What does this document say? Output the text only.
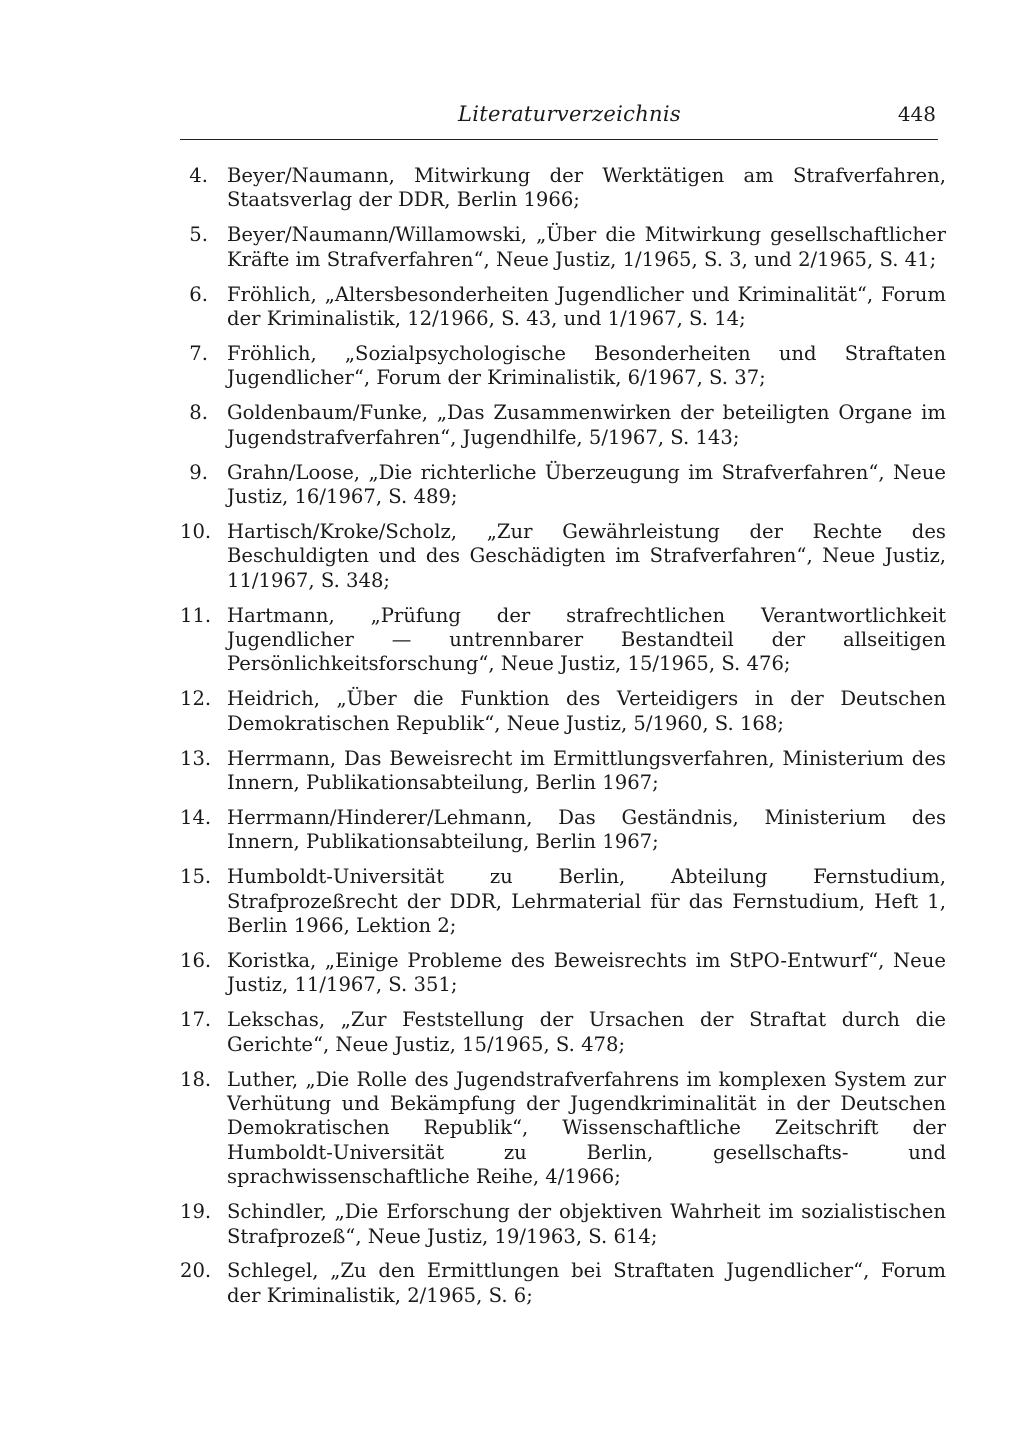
Literaturverzeichnis	448
4. Beyer/Naumann, Mitwirkung der Werktätigen am Strafverfahren, Staatsverlag der DDR, Berlin 1966;
5. Beyer/Naumann/Willamowski, „Über die Mitwirkung gesellschaftlicher Kräfte im Strafverfahren“, Neue Justiz, 1/1965, S. 3, und 2/1965, S. 41;
6. Fröhlich, „Altersbesonderheiten Jugendlicher und Kriminalität“, Forum der Kriminalistik, 12/1966, S. 43, und 1/1967, S. 14;
7. Fröhlich, „Sozialpsychologische Besonderheiten und Straftaten Jugendlicher“, Forum der Kriminalistik, 6/1967, S. 37;
8. Goldenbaum/Funke, „Das Zusammenwirken der beteiligten Organe im Jugendstrafverfahren“, Jugendhilfe, 5/1967, S. 143;
9. Grahn/Loose, „Die richterliche Überzeugung im Strafverfahren“, Neue Justiz, 16/1967, S. 489;
10. Hartisch/Kroke/Scholz, „Zur Gewährleistung der Rechte des Beschuldigten und des Geschädigten im Strafverfahren“, Neue Justiz, 11/1967, S. 348;
11. Hartmann, „Prüfung der strafrechtlichen Verantwortlichkeit Jugendlicher — untrennbarer Bestandteil der allseitigen Persönlichkeitsforschung“, Neue Justiz, 15/1965, S. 476;
12. Heidrich, „Über die Funktion des Verteidigers in der Deutschen Demokratischen Republik“, Neue Justiz, 5/1960, S. 168;
13. Herrmann, Das Beweisrecht im Ermittlungsverfahren, Ministerium des Innern, Publikationsabteilung, Berlin 1967;
14. Herrmann/Hinderer/Lehmann, Das Geständnis, Ministerium des Innern, Publikationsabteilung, Berlin 1967;
15. Humboldt-Universität zu Berlin, Abteilung Fernstudium, Strafprozeßrecht der DDR, Lehrmaterial für das Fernstudium, Heft 1, Berlin 1966, Lektion 2;
16. Koristka, „Einige Probleme des Beweisrechts im StPO-Entwurf“, Neue Justiz, 11/1967, S. 351;
17. Lekschas, „Zur Feststellung der Ursachen der Straftat durch die Gerichte“, Neue Justiz, 15/1965, S. 478;
18. Luther, „Die Rolle des Jugendstrafverfahrens im komplexen System zur Verhütung und Bekämpfung der Jugendkriminalität in der Deutschen Demokratischen Republik“, Wissenschaftliche Zeitschrift der Humboldt-Universität zu Berlin, gesellschafts- und sprachwissenschaftliche Reihe, 4/1966;
19. Schindler, „Die Erforschung der objektiven Wahrheit im sozialistischen Strafprozeß“, Neue Justiz, 19/1963, S. 614;
20. Schlegel, „Zu den Ermittlungen bei Straftaten Jugendlicher“, Forum der Kriminalistik, 2/1965, S. 6;
